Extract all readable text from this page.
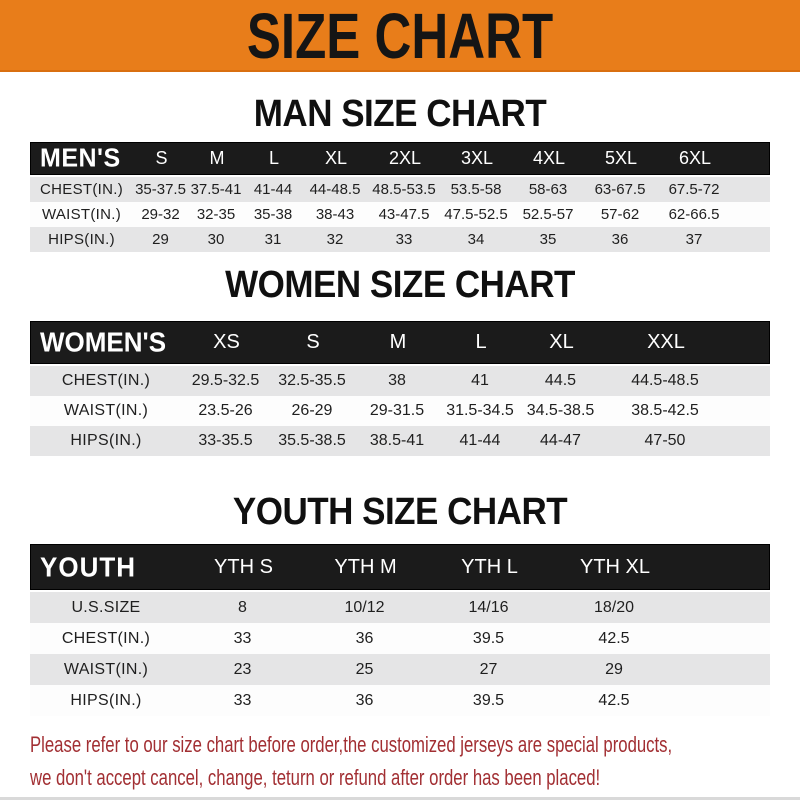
SIZE CHART
MAN SIZE CHART
MEN'S	S	M	L	XL	2XL	3XL	4XL	5XL	6XL
CHEST(IN.) 35-37.5 37.5-41 41-44	44-48.5 48.5-53.5 53.5-58	58-63	63-67.5	67.5-72
WAIST(IN.)	29-32	32-35	35-38	38-43	43-47.5 47.5-52.5 52.5-57	57-62	62-66.5
HIPS(IN.)	29	30	31	32	33	34	35	36	37
WOMEN SIZE CHART
WOMEN'S	XS	S	M	L	XL	XXL
CHEST(IN.)	29.5-32.5	32.5-35.5	38	41	44.5	44.5-48.5
WAIST(IN.)	23.5-26	26-29	29-31.5	31.5-34.5 34.5-38.5	38.5-42.5
HIPS(IN.)	33-35.5	35.5-38.5	38.5-41	41-44	44-47	47-50
YOUTH SIZE CHART
YOUTH	YTH S	YTH M	YTH L	YTH XL
U.S.SIZE	8	10/12	14/16	18/20
CHEST(IN.)	33	36	39.5	42.5
WAIST(IN.)	23	25	27	29
HIPS(IN.)	33	36	39.5	42.5
Please refer to our size chart before order,the customized jerseys are special products,
we don't accept cancel, change, teturn or refund after order has been placed!
